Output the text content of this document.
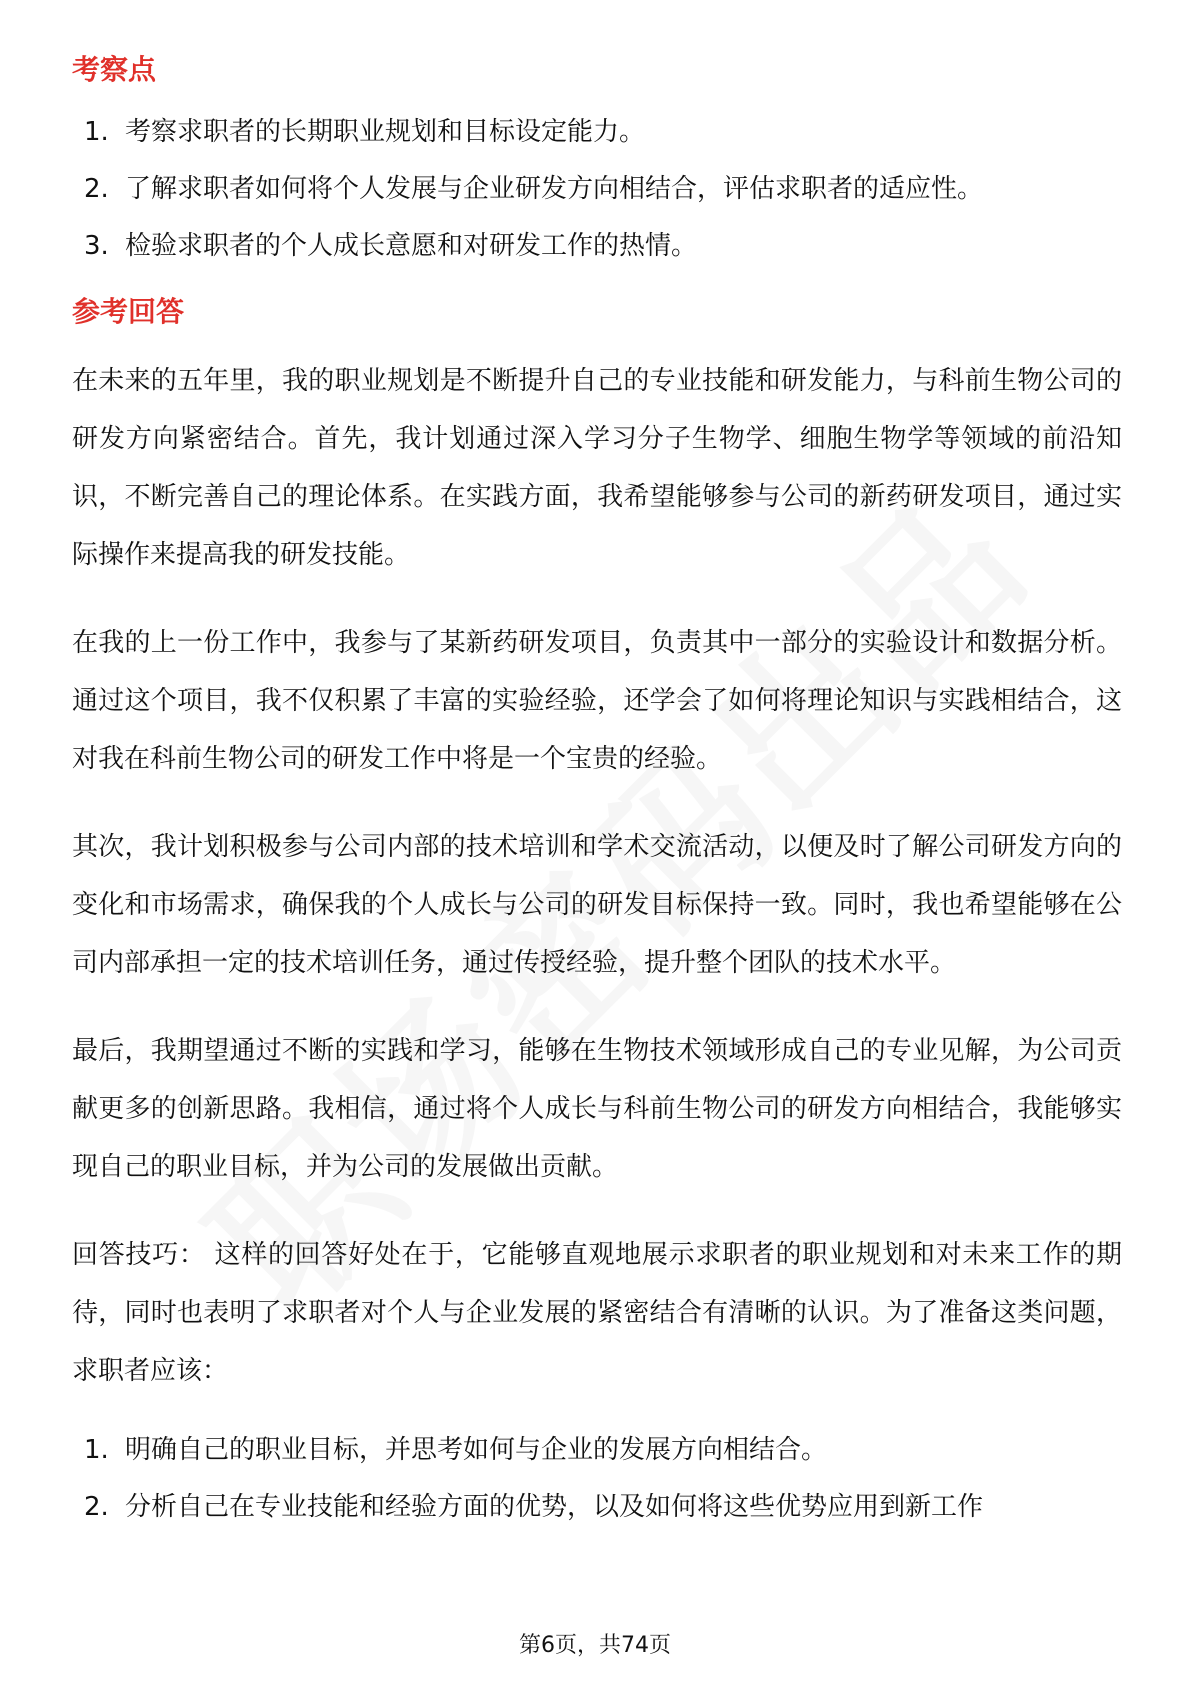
考察点
1. 考察求职者的长期职业规划和目标设定能力。
2. 了解求职者如何将个人发展与企业研发方向相结合，评估求职者的适应性。
3. 检验求职者的个人成长意愿和对研发工作的热情。
参考回答

在未来的五年里，我的职业规划是不断提升自己的专业技能和研发能力，与科前生物公司的研发方向紧密结合。首先，我计划通过深入学习分子生物学、细胞生物学等领域的前沿知识，不断完善自己的理论体系。在实践方面，我希望能够参与公司的新药研发项目，通过实际操作来提高我的研发技能。

在我的上一份工作中，我参与了某新药研发项目，负责其中一部分的实验设计和数据分析。通过这个项目，我不仅积累了丰富的实验经验，还学会了如何将理论知识与实践相结合，这对我在科前生物公司的研发工作中将是一个宝贵的经验。

其次，我计划积极参与公司内部的技术培训和学术交流活动，以便及时了解公司研发方向的变化和市场需求，确保我的个人成长与公司的研发目标保持一致。同时，我也希望能够在公司内部承担一定的技术培训任务，通过传授经验，提升整个团队的技术水平。

最后，我期望通过不断的实践和学习，能够在生物技术领域形成自己的专业见解，为公司贡献更多的创新思路。我相信，通过将个人成长与科前生物公司的研发方向相结合，我能够实现自己的职业目标，并为公司的发展做出贡献。

回答技巧： 这样的回答好处在于，它能够直观地展示求职者的职业规划和对未来工作的期待，同时也表明了求职者对个人与企业发展的紧密结合有清晰的认识。为了准备这类问题，求职者应该：

1. 明确自己的职业目标，并思考如何与企业的发展方向相结合。
2. 分析自己在专业技能和经验方面的优势，以及如何将这些优势应用到新工作
第6页，共74页
